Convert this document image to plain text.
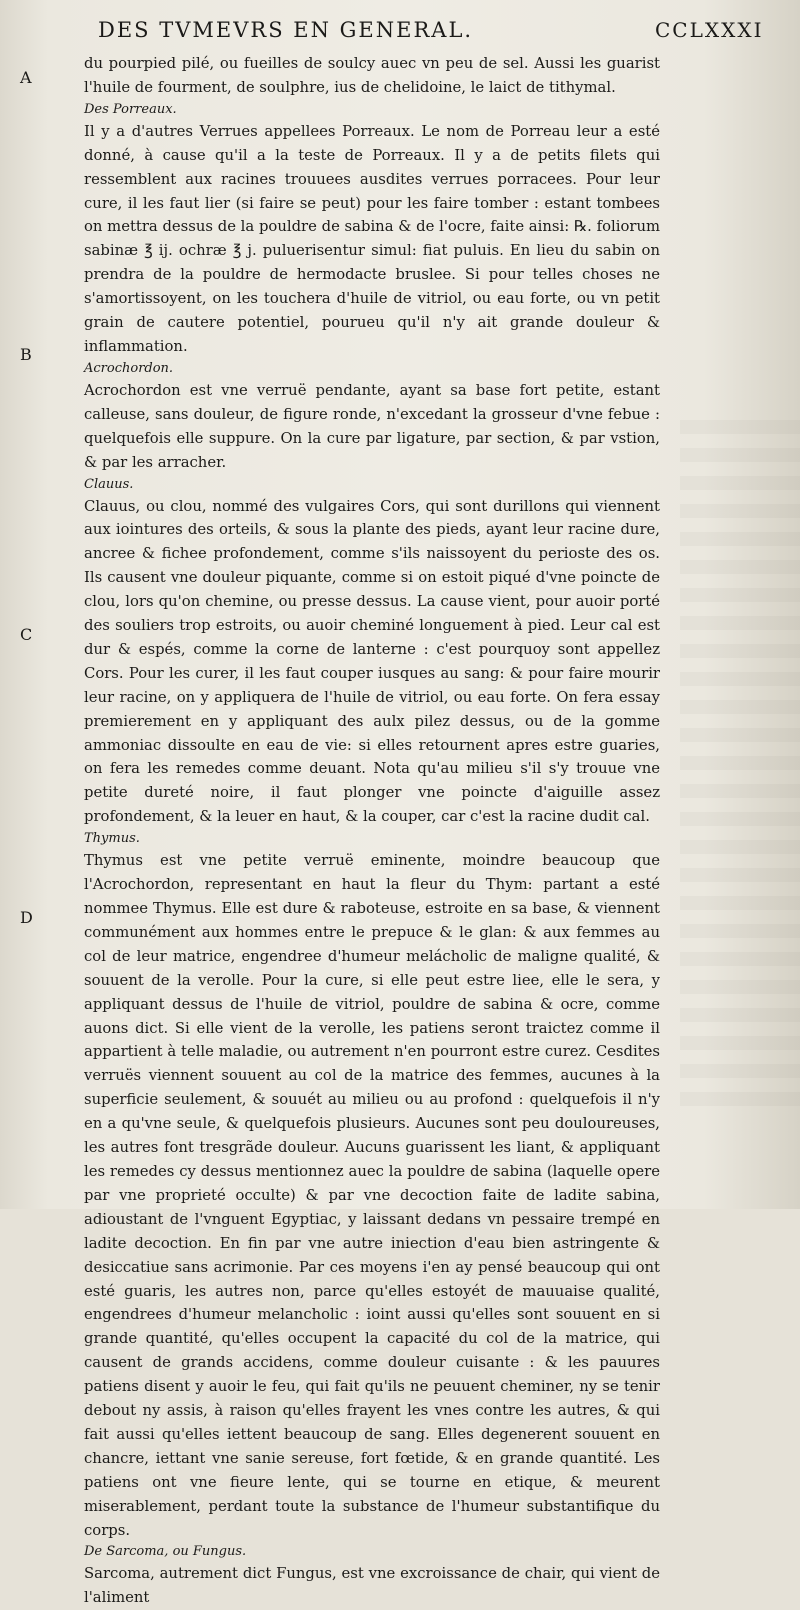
DES TVMEVRS EN GENERAL.	CCLXXXI
A
B
C
D

du pourpied pilé, ou fueilles de soulcy auec vn peu de sel. Aussi les guarist l'huile de fourment, de soulphre, ius de chelidoine, le laict de tithymal.

Des Porreaux.

Il y a d'autres Verrues appellees Porreaux. Le nom de Porreau leur a esté donné, à cause qu'il a la teste de Porreaux. Il y a de petits filets qui ressemblent aux racines trouuees ausdites verrues porracees. Pour leur cure, il les faut lier (si faire se peut) pour les faire tomber : estant tombees on mettra dessus de la pouldre de sabina & de l'ocre, faite ainsi: ℞. foliorum sabinæ ℥ ij. ochræ ℥ j. puluerisentur simul: fiat puluis. En lieu du sabin on prendra de la pouldre de hermodacte bruslee. Si pour telles choses ne s'amortissoyent, on les touchera d'huile de vitriol, ou eau forte, ou vn petit grain de cautere potentiel, pourueu qu'il n'y ait grande douleur & inflammation.

Acrochordon.

Acrochordon est vne verruë pendante, ayant sa base fort petite, estant calleuse, sans douleur, de figure ronde, n'excedant la grosseur d'vne febue : quelquefois elle suppure. On la cure par ligature, par section, & par vstion, & par les arracher.

Clauus.

Clauus, ou clou, nommé des vulgaires Cors, qui sont durillons qui viennent aux iointures des orteils, & sous la plante des pieds, ayant leur racine dure, ancree & fichee profondement, comme s'ils naissoyent du perioste des os. Ils causent vne douleur piquante, comme si on estoit piqué d'vne poincte de clou, lors qu'on chemine, ou presse dessus. La cause vient, pour auoir porté des souliers trop estroits, ou auoir cheminé longuement à pied. Leur cal est dur & espés, comme la corne de lanterne : c'est pourquoy sont appellez Cors. Pour les curer, il les faut couper iusques au sang: & pour faire mourir leur racine, on y appliquera de l'huile de vitriol, ou eau forte. On fera essay premierement en y appliquant des aulx pilez dessus, ou de la gomme ammoniac dissoulte en eau de vie: si elles retournent apres estre guaries, on fera les remedes comme deuant. Nota qu'au milieu s'il s'y trouue vne petite dureté noire, il faut plonger vne poincte d'aiguille assez profondement, & la leuer en haut, & la couper, car c'est la racine dudit cal.

Thymus.

Thymus est vne petite verruë eminente, moindre beaucoup que l'Acrochordon, representant en haut la fleur du Thym: partant a esté nommee Thymus. Elle est dure & raboteuse, estroite en sa base, & viennent communément aux hommes entre le prepuce & le glan: & aux femmes au col de leur matrice, engendree d'humeur melácholic de maligne qualité, & souuent de la verolle. Pour la cure, si elle peut estre liee, elle le sera, y appliquant dessus de l'huile de vitriol, pouldre de sabina & ocre, comme auons dict. Si elle vient de la verolle, les patiens seront traictez comme il appartient à telle maladie, ou autrement n'en pourront estre curez. Cesdites verruës viennent souuent au col de la matrice des femmes, aucunes à la superficie seulement, & souuét au milieu ou au profond : quelquefois il n'y en a qu'vne seule, & quelquefois plusieurs. Aucunes sont peu douloureuses, les autres font tresgrãde douleur. Aucuns guarissent les liant, & appliquant les remedes cy dessus mentionnez auec la pouldre de sabina (laquelle opere par vne proprieté occulte) & par vne decoction faite de ladite sabina, adioustant de l'vnguent Egyptiac, y laissant dedans vn pessaire trempé en ladite decoction. En fin par vne autre iniection d'eau bien astringente & desiccatiue sans acrimonie. Par ces moyens i'en ay pensé beaucoup qui ont esté guaris, les autres non, parce qu'elles estoyét de mauuaise qualité, engendrees d'humeur melancholic : ioint aussi qu'elles sont souuent en si grande quantité, qu'elles occupent la capacité du col de la matrice, qui causent de grands accidens, comme douleur cuisante : & les pauures patiens disent y auoir le feu, qui fait qu'ils ne peuuent cheminer, ny se tenir debout ny assis, à raison qu'elles frayent les vnes contre les autres, & qui fait aussi qu'elles iettent beaucoup de sang. Elles degenerent souuent en chancre, iettant vne sanie sereuse, fort fœtide, & en grande quantité. Les patiens ont vne fieure lente, qui se tourne en etique, & meurent miserablement, perdant toute la substance de l'humeur substantifique du corps.

De Sarcoma, ou Fungus.

Sarcoma, autrement dict Fungus, est vne excroissance de chair, qui vient de l'aliment
